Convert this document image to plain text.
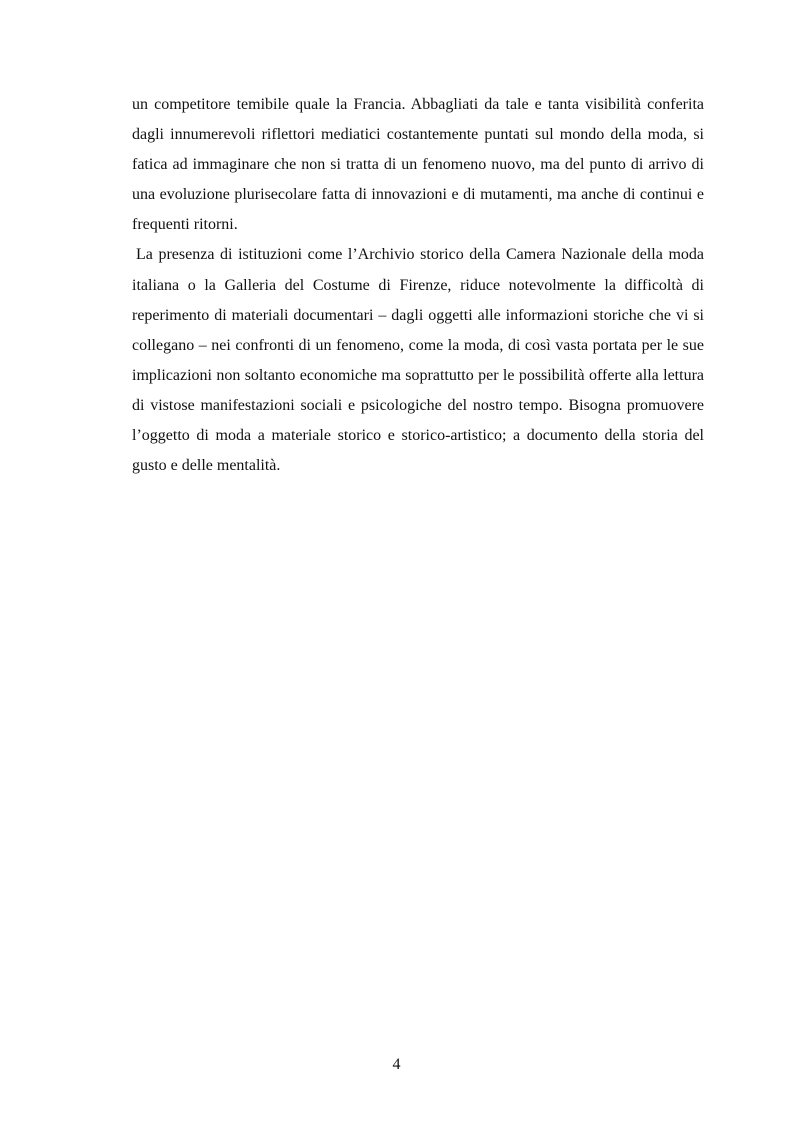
un competitore temibile quale la Francia. Abbagliati da tale e tanta visibilità conferita dagli innumerevoli riflettori mediatici costantemente puntati sul mondo della moda, si fatica ad immaginare che non si tratta di un fenomeno nuovo, ma del punto di arrivo di una evoluzione plurisecolare fatta di innovazioni e di mutamenti, ma anche di continui e frequenti ritorni.

La presenza di istituzioni come l’Archivio storico della Camera Nazionale della moda italiana o la Galleria del Costume di Firenze, riduce notevolmente la difficoltà di reperimento di materiali documentari – dagli oggetti alle informazioni storiche che vi si collegano – nei confronti di un fenomeno, come la moda, di così vasta portata per le sue implicazioni non soltanto economiche ma soprattutto per le possibilità offerte alla lettura di vistose manifestazioni sociali e psicologiche del nostro tempo. Bisogna promuovere l’oggetto di moda a materiale storico e storico-artistico; a documento della storia del gusto e delle mentalità.

4
